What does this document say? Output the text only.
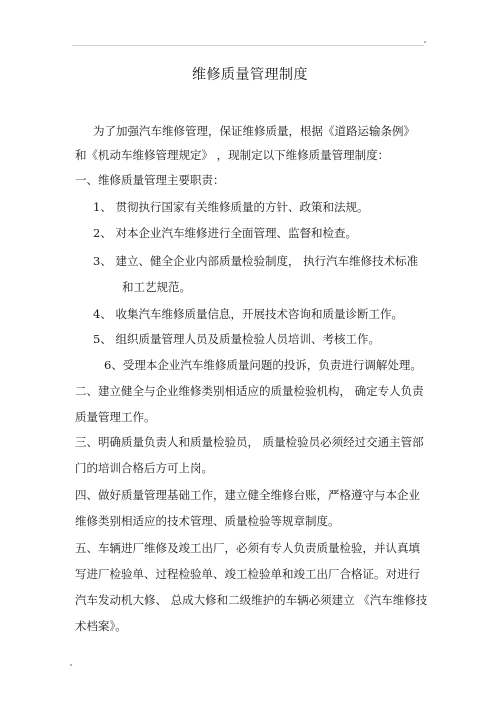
维修质量管理制度
为了加强汽车维修管理，保证维修质量，根据《道路运输条例》
和《机动车维修管理规定》 ，现制定以下维修质量管理制度：
一、维修质量管理主要职责：
1、 贯彻执行国家有关维修质量的方针、政策和法规。
2、 对本企业汽车维修进行全面管理、监督和检查。
3、 建立、健全企业内部质量检验制度， 执行汽车维修技术标准
和工艺规范。
4、 收集汽车维修质量信息，开展技术咨询和质量诊断工作。
5、 组织质量管理人员及质量检验人员培训、考核工作。
6、受理本企业汽车维修质量问题的投诉，负责进行调解处理。
二、建立健全与企业维修类别相适应的质量检验机构， 确定专人负责
质量管理工作。
三、明确质量负责人和质量检验员， 质量检验员必须经过交通主管部
门的培训合格后方可上岗。
四、做好质量管理基础工作，建立健全维修台账，严格遵守与本企业
维修类别相适应的技术管理、质量检验等规章制度。
五、车辆进厂维修及竣工出厂，必须有专人负责质量检验，并认真填
写进厂检验单、过程检验单、竣工检验单和竣工出厂合格证。对进行
汽车发动机大修、 总成大修和二级维护的车辆必须建立 《汽车维修技
术档案》。
